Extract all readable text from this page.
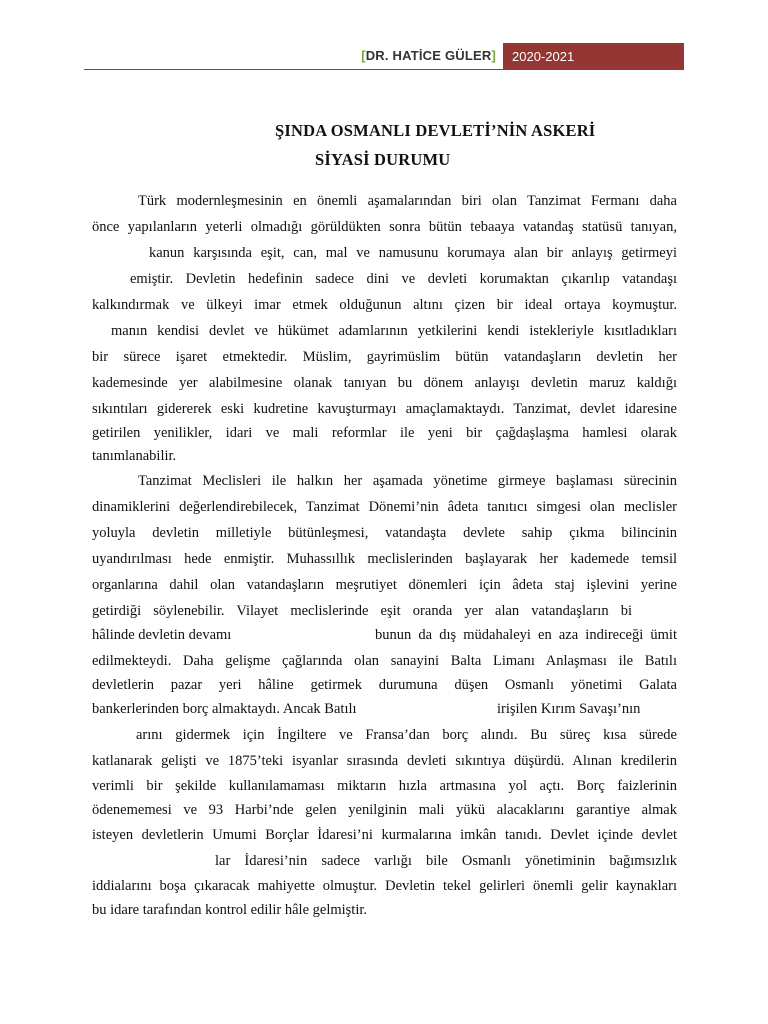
[DR. HATİCE GÜLER]	2020-2021
ŞINDA OSMANLI DEVLETİ’NİN ASKERİ
SİYASİ DURUMU
Türk modernleşmesinin en önemli aşamalarından biri olan Tanzimat Fermanı daha
önce yapılanların yeterli olmadığı görüldükten sonra bütün tebaaya vatandaş statüsü tanıyan,
kanun karşısında eşit, can, mal ve namusunu korumaya alan bir anlayış getirmeyi
emiştir. Devletin hedefinin sadece dini ve devleti korumaktan çıkarılıp vatandaşı
kalkındırmak ve ülkeyi imar etmek olduğunun altını çizen bir ideal ortaya koymuştur.
manın kendisi devlet ve hükümet adamlarının yetkilerini kendi istekleriyle kısıtladıkları
bir sürece işaret etmektedir. Müslim, gayrimüslim bütün vatandaşların devletin her
kademesinde yer alabilmesine olanak tanıyan bu dönem anlayışı devletin maruz kaldığı
sıkıntıları gidererek eski kudretine kavuşturmayı amaçlamaktaydı. Tanzimat, devlet idaresine
getirilen yenilikler, idari ve mali reformlar ile yeni bir çağdaşlaşma hamlesi olarak
tanımlanabilir.
Tanzimat Meclisleri ile halkın her aşamada yönetime girmeye başlaması sürecinin
dinamiklerini değerlendirebilecek, Tanzimat Dönemi’nin âdeta tanıtıcı simgesi olan meclisler
yoluyla devletin milletiyle bütünleşmesi, vatandaşta devlete sahip çıkma bilincinin
uyandırılması hede enmiştir. Muhassıllık meclislerinden başlayarak her kademede temsil
organlarına dahil olan vatandaşların meşrutiyet dönemleri için âdeta staj işlevini yerine
getirdiği söylenebilir. Vilayet meclislerinde eşit oranda yer alan vatandaşların bi
hâlinde devletin devamı	bunun da dış müdahaleyi en aza indireceği ümit
edilmekteydi. Daha gelişme çağlarında olan sanayini Balta Limanı Anlaşması ile Batılı
devletlerin pazar yeri hâline getirmek durumuna düşen Osmanlı yönetimi Galata
bankerlerinden borç almaktaydı. Ancak Batılı	irişilen Kırım Savaşı’nın
arını gidermek için İngiltere ve Fransa’dan borç alındı. Bu süreç kısa sürede
katlanarak gelişti ve 1875’teki isyanlar sırasında devleti sıkıntıya düşürdü. Alınan kredilerin
verimli bir şekilde kullanılamaması miktarın hızla artmasına yol açtı. Borç faizlerinin
ödenememesi ve 93 Harbi’nde gelen yenilginin mali yükü alacaklarını garantiye almak
isteyen devletlerin Umumi Borçlar İdaresi’ni kurmalarına imkân tanıdı. Devlet içinde devlet
lar İdaresi’nin sadece varlığı bile Osmanlı yönetiminin bağımsızlık
iddialarını boşa çıkaracak mahiyette olmuştur. Devletin tekel gelirleri önemli gelir kaynakları
bu idare tarafından kontrol edilir hâle gelmiştir.
